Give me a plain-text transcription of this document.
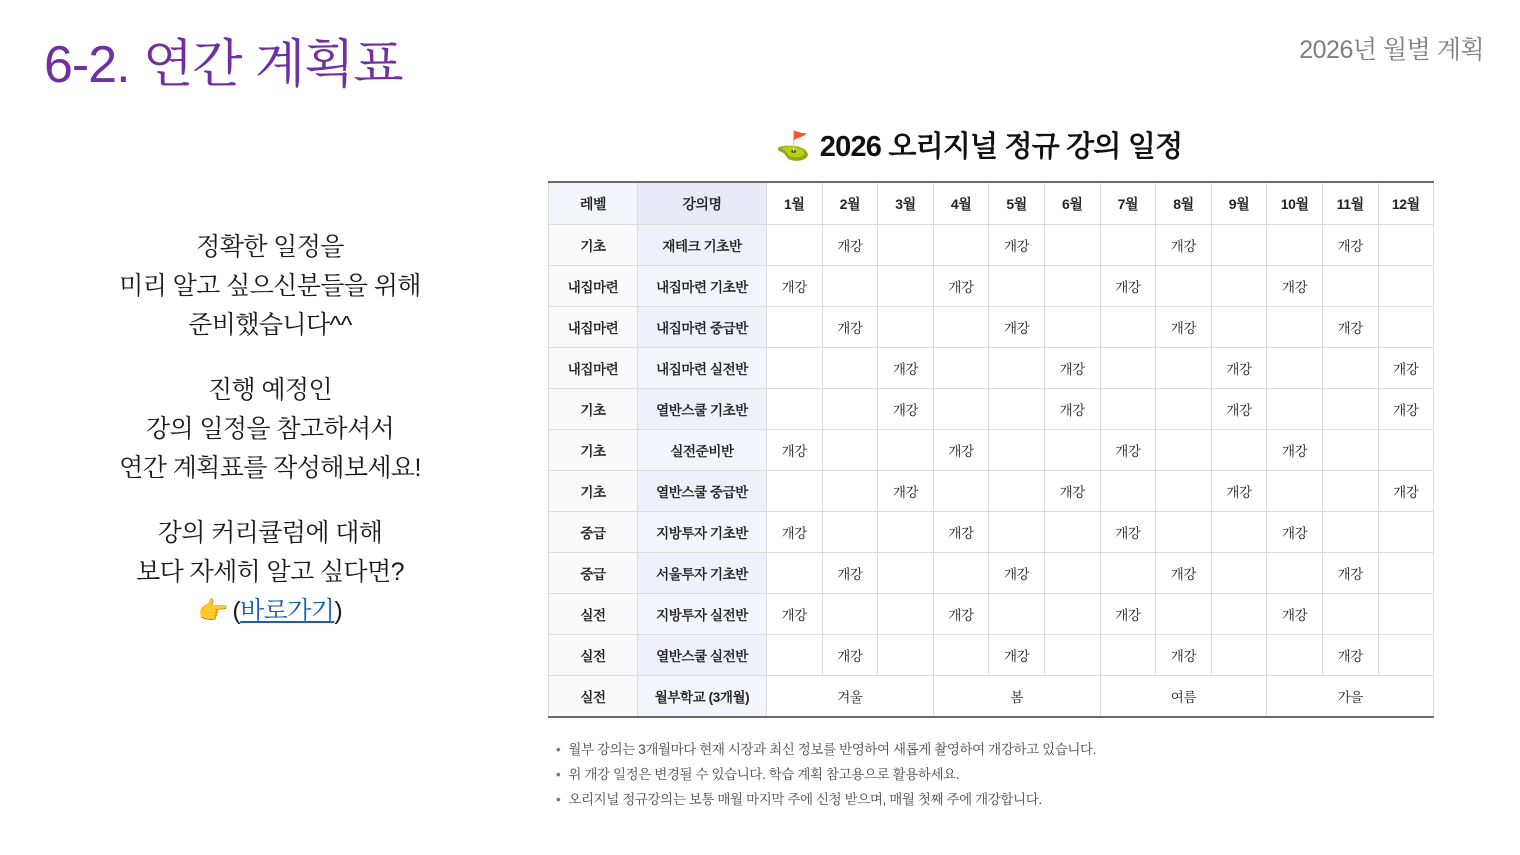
6-2. 연간 계획표	2026년 월별 계획
정확한 일정을
미리 알고 싶으신분들을 위해
준비했습니다^^
진행 예정인
강의 일정을 참고하셔서
연간 계획표를 작성해보세요!
강의 커리큘럼에 대해
보다 자세히 알고 싶다면?
👉 (바로가기)
⛳ 2026 오리지널 정규 강의 일정
레벨	강의명	1월	2월	3월	4월	5월	6월	7월	8월	9월	10월	11월	12월
기초	재테크 기초반		개강			개강			개강			개강	
내집마련	내집마련 기초반	개강			개강			개강			개강		
내집마련	내집마련 중급반		개강			개강			개강			개강	
내집마련	내집마련 실전반			개강			개강			개강			개강
기초	열반스쿨 기초반			개강			개강			개강			개강
기초	실전준비반	개강			개강			개강			개강		
기초	열반스쿨 중급반			개강			개강			개강			개강
중급	지방투자 기초반	개강			개강			개강			개강		
중급	서울투자 기초반		개강			개강			개강			개강	
실전	지방투자 실전반	개강			개강			개강			개강		
실전	열반스쿨 실전반		개강			개강			개강			개강	
실전	월부학교 (3개월)	겨울			봄			여름			가을		
• 월부 강의는 3개월마다 현재 시장과 최신 정보를 반영하여 새롭게 촬영하여 개강하고 있습니다.
• 위 개강 일정은 변경될 수 있습니다. 학습 계획 참고용으로 활용하세요.
• 오리지널 정규강의는 보통 매월 마지막 주에 신청 받으며, 매월 첫째 주에 개강합니다.
